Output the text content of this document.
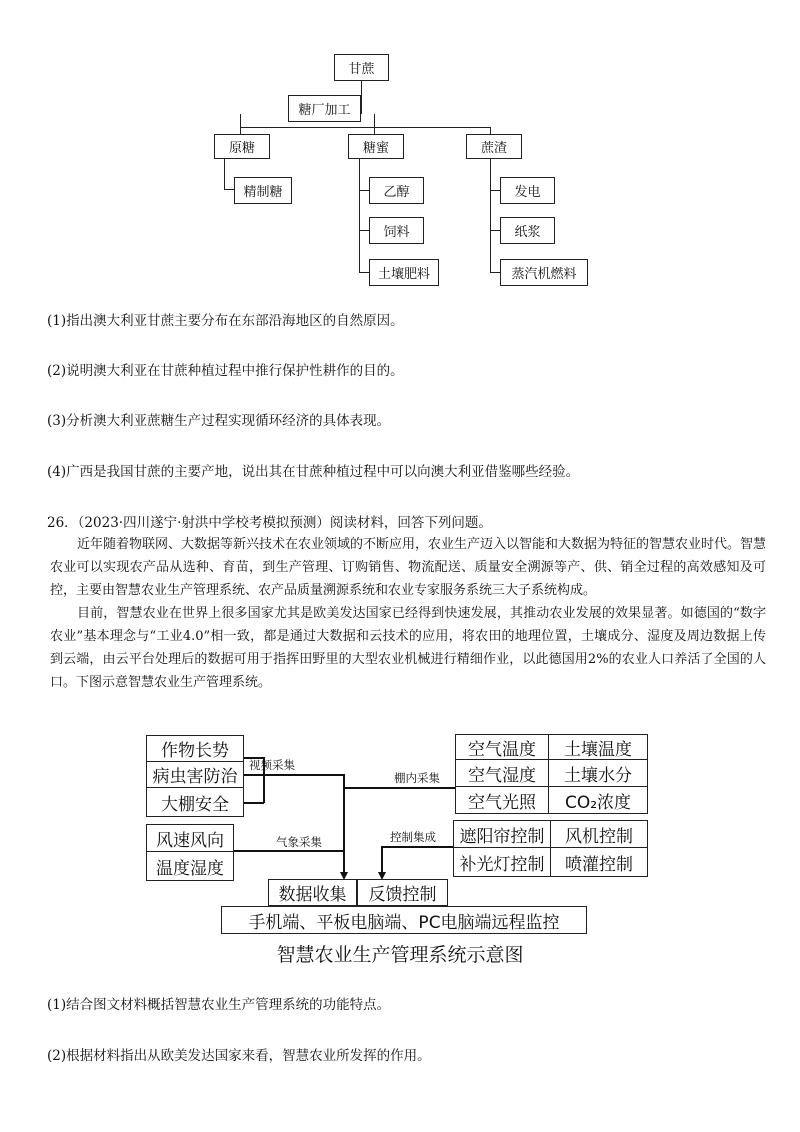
甘蔗
糖厂加工
原糖	糖蜜	蔗渣
精制糖	乙醇
饲料
土壤肥料
发电
纸浆
蒸汽机燃料
(1)指出澳大利亚甘蔗主要分布在东部沿海地区的自然原因。
(2)说明澳大利亚在甘蔗种植过程中推行保护性耕作的目的。
(3)分析澳大利亚蔗糖生产过程实现循环经济的具体表现。
(4)广西是我国甘蔗的主要产地，说出其在甘蔗种植过程中可以向澳大利亚借鉴哪些经验。
26．（2023·四川遂宁·射洪中学校考模拟预测）阅读材料，回答下列问题。

近年随着物联网、大数据等新兴技术在农业领域的不断应用，农业生产迈入以智能和大数据为特征的智慧农业时代。智慧农业可以实现农产品从选种、育苗，到生产管理、订购销售、物流配送、质量安全溯源等产、供、销全过程的高效感知及可控，主要由智慧农业生产管理系统、农产品质量溯源系统和农业专家服务系统三大子系统构成。

目前，智慧农业在世界上很多国家尤其是欧美发达国家已经得到快速发展，其推动农业发展的效果显著。如德国的“数字农业”基本理念与“工业4.0”相一致，都是通过大数据和云技术的应用，将农田的地理位置，土壤成分、湿度及周边数据上传到云端，由云平台处理后的数据可用于指挥田野里的大型农业机械进行精细作业，以此德国用2%的农业人口养活了全国的人口。下图示意智慧农业生产管理系统。

作物长势
病虫害防治
大棚安全
视频采集
棚内采集
空气温度	土壤温度
空气湿度	土壤水分
空气光照	CO₂浓度
风速风向
温度湿度
气象采集	控制集成	遮阳帘控制	风机控制
补光灯控制	喷灌控制
数据收集	反馈控制
手机端、平板电脑端、PC电脑端远程监控
智慧农业生产管理系统示意图
(1)结合图文材料概括智慧农业生产管理系统的功能特点。
(2)根据材料指出从欧美发达国家来看，智慧农业所发挥的作用。
